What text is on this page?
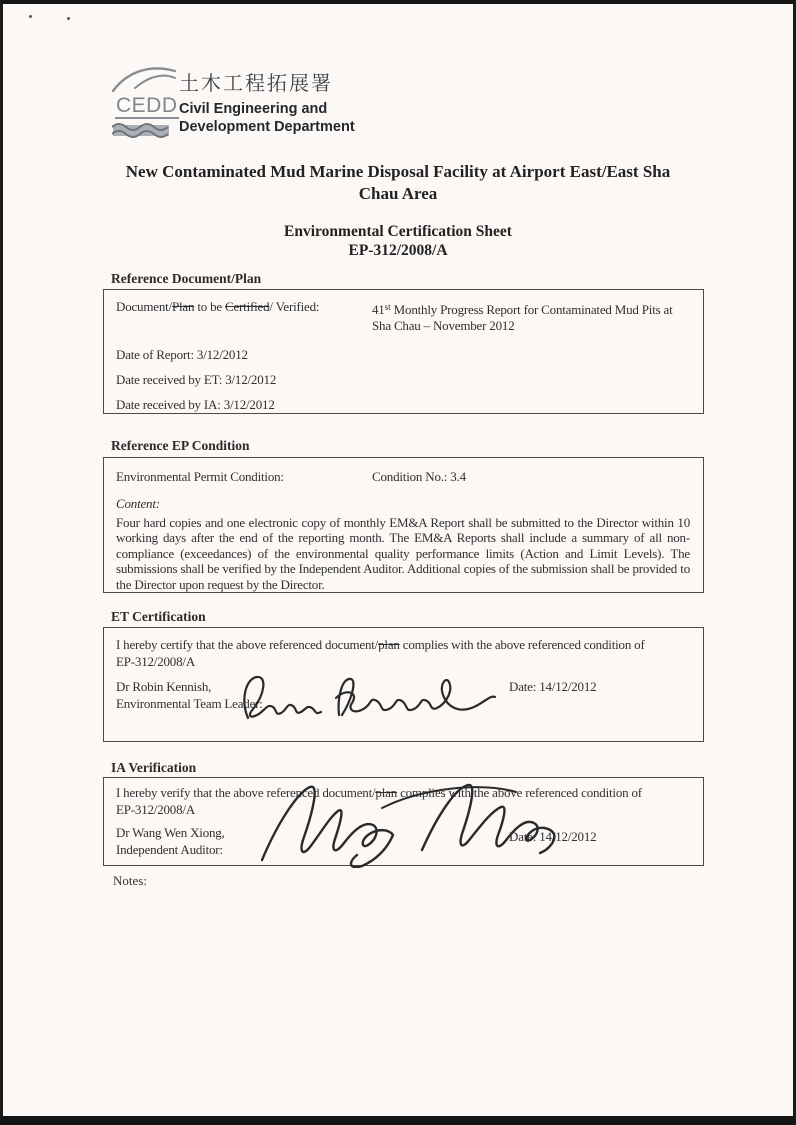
CEDD
土木工程拓展署
Civil Engineering and
Development Department
New Contaminated Mud Marine Disposal Facility at Airport East/East Sha
Chau Area
Environmental Certification Sheet
EP-312/2008/A
Reference Document/Plan
Document/Plan to be Certified/ Verified:	41st Monthly Progress Report for Contaminated Mud Pits at Sha Chau – November 2012
Date of Report: 3/12/2012
Date received by ET: 3/12/2012
Date received by IA: 3/12/2012
Reference EP Condition
Environmental Permit Condition:	Condition No.: 3.4
Content:
Four hard copies and one electronic copy of monthly EM&A Report shall be submitted to the Director within 10 working days after the end of the reporting month. The EM&A Reports shall include a summary of all non-compliance (exceedances) of the environmental quality performance limits (Action and Limit Levels). The submissions shall be verified by the Independent Auditor. Additional copies of the submission shall be provided to the Director upon request by the Director.
ET Certification
I hereby certify that the above referenced document/plan complies with the above referenced condition of
EP-312/2008/A
Dr Robin Kennish,
Environmental Team Leader:
Date: 14/12/2012
IA Verification
I hereby verify that the above referenced document/plan complies with the above referenced condition of
EP-312/2008/A
Dr Wang Wen Xiong,
Independent Auditor:
Date: 14/12/2012
Notes:
